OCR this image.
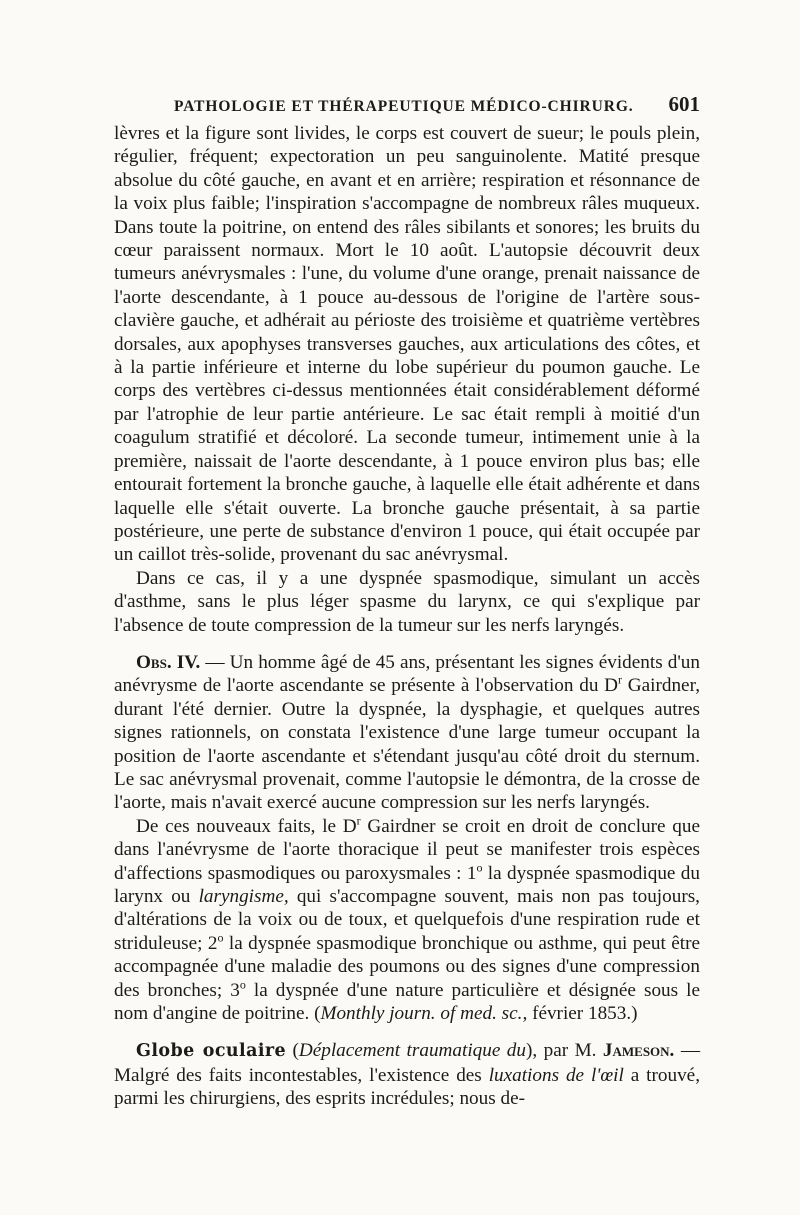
PATHOLOGIE ET THÉRAPEUTIQUE MÉDICO-CHIRURG. 601

lèvres et la figure sont livides, le corps est couvert de sueur; le pouls plein, régulier, fréquent; expectoration un peu sanguinolente. Matité presque absolue du côté gauche, en avant et en arrière; respiration et résonnance de la voix plus faible; l'inspiration s'accompagne de nombreux râles muqueux. Dans toute la poitrine, on entend des râles sibilants et sonores; les bruits du cœur paraissent normaux. Mort le 10 août. L'autopsie découvrit deux tumeurs anévrysmales : l'une, du volume d'une orange, prenait naissance de l'aorte descendante, à 1 pouce au-dessous de l'origine de l'artère sous-clavière gauche, et adhérait au périoste des troisième et quatrième vertèbres dorsales, aux apophyses transverses gauches, aux articulations des côtes, et à la partie inférieure et interne du lobe supérieur du poumon gauche. Le corps des vertèbres ci-dessus mentionnées était considérablement déformé par l'atrophie de leur partie antérieure. Le sac était rempli à moitié d'un coagulum stratifié et décoloré. La seconde tumeur, intimement unie à la première, naissait de l'aorte descendante, à 1 pouce environ plus bas; elle entourait fortement la bronche gauche, à laquelle elle était adhérente et dans laquelle elle s'était ouverte. La bronche gauche présentait, à sa partie postérieure, une perte de substance d'environ 1 pouce, qui était occupée par un caillot très-solide, provenant du sac anévrysmal.

Dans ce cas, il y a une dyspnée spasmodique, simulant un accès d'asthme, sans le plus léger spasme du larynx, ce qui s'explique par l'absence de toute compression de la tumeur sur les nerfs laryngés.

Obs. IV. — Un homme âgé de 45 ans, présentant les signes évidents d'un anévrysme de l'aorte ascendante se présente à l'observation du $D^r$ Gairdner, durant l'été dernier. Outre la dyspnée, la dysphagie, et quelques autres signes rationnels, on constata l'existence d'une large tumeur occupant la position de l'aorte ascendante et s'étendant jusqu'au côté droit du sternum. Le sac anévrysmal provenait, comme l'autopsie le démontra, de la crosse de l'aorte, mais n'avait exercé aucune compression sur les nerfs laryngés.

De ces nouveaux faits, le $D^r$ Gairdner se croit en droit de conclure que dans l'anévrysme de l'aorte thoracique il peut se manifester trois espèces d'affections spasmodiques ou paroxysmales : 1$^o$ la dyspnée spasmodique du larynx ou laryngisme, qui s'accompagne souvent, mais non pas toujours, d'altérations de la voix ou de toux, et quelquefois d'une respiration rude et striduleuse; 2$^o$ la dyspnée spasmodique bronchique ou asthme, qui peut être accompagnée d'une maladie des poumons ou des signes d'une compression des bronches; 3$^o$ la dyspnée d'une nature particulière et désignée sous le nom d'angine de poitrine. (Monthly journ. of med. sc., février 1853.)

Globe oculaire (Déplacement traumatique du), par M. Jameson. — Malgré des faits incontestables, l'existence des luxations de l'œil a trouvé, parmi les chirurgiens, des esprits incrédules; nous de-
